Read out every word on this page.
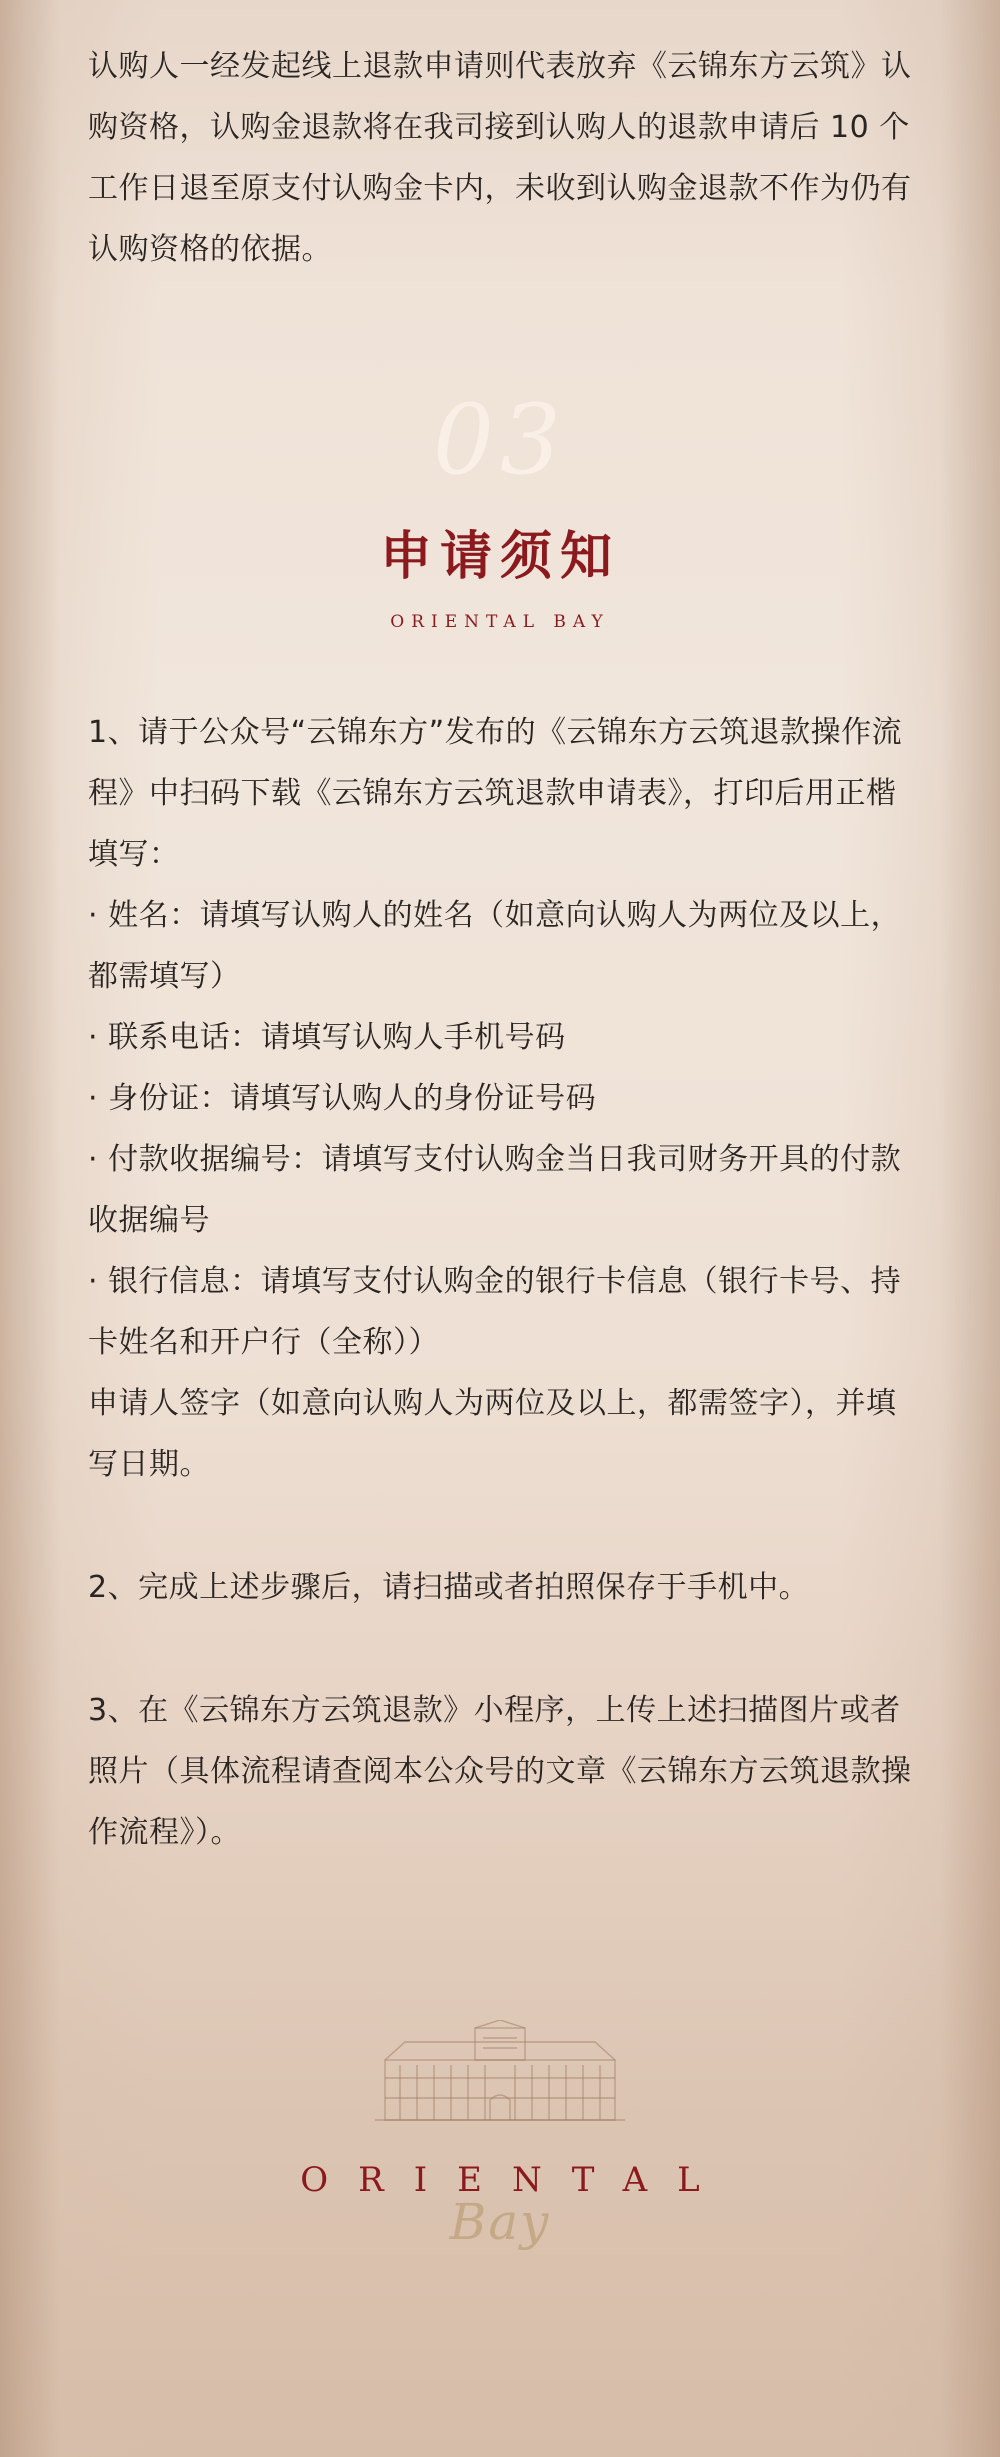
认购人一经发起线上退款申请则代表放弃《云锦东方云筑》认购资格，认购金退款将在我司接到认购人的退款申请后 10 个工作日退至原支付认购金卡内，未收到认购金退款不作为仍有认购资格的依据。

03
申请须知
ORIENTAL BAY
1、请于公众号“云锦东方”发布的《云锦东方云筑退款操作流程》中扫码下载《云锦东方云筑退款申请表》，打印后用正楷填写：
· 姓名：请填写认购人的姓名（如意向认购人为两位及以上，都需填写）
· 联系电话：请填写认购人手机号码
· 身份证：请填写认购人的身份证号码
· 付款收据编号：请填写支付认购金当日我司财务开具的付款收据编号
· 银行信息：请填写支付认购金的银行卡信息（银行卡号、持卡姓名和开户行（全称））
申请人签字（如意向认购人为两位及以上，都需签字），并填写日期。
2、完成上述步骤后，请扫描或者拍照保存于手机中。
3、在《云锦东方云筑退款》小程序，上传上述扫描图片或者照片（具体流程请查阅本公众号的文章《云锦东方云筑退款操作流程》）。
ORIENTAL
Bay
